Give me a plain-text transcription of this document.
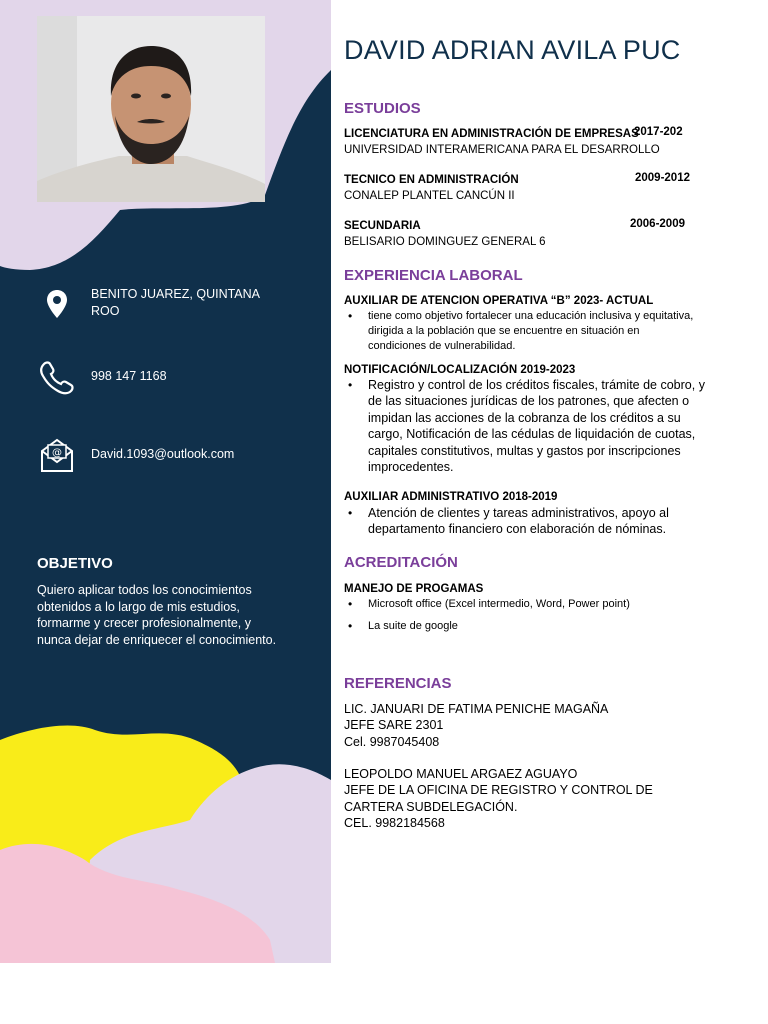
BENITO JUAREZ, QUINTANA ROO
998 147 1168
@ David.1093@outlook.com
OBJETIVO
Quiero aplicar todos los conocimientos obtenidos a lo largo de mis estudios, formarme y crecer profesionalmente, y nunca dejar de enriquecer el conocimiento.
DAVID ADRIAN AVILA PUC
ESTUDIOS
LICENCIATURA EN ADMINISTRACIÓN DE EMPRESAS
2017-202
UNIVERSIDAD INTERAMERICANA PARA EL DESARROLLO
TECNICO EN ADMINISTRACIÓN	2009-2012
CONALEP PLANTEL CANCÚN II
SECUNDARIA	2006-2009
BELISARIO DOMINGUEZ GENERAL 6
EXPERIENCIA LABORAL
AUXILIAR DE ATENCION OPERATIVA “B” 2023- ACTUAL
• tiene como objetivo fortalecer una educación inclusiva y equitativa, dirigida a la población que se encuentre en situación en condiciones de vulnerabilidad.
NOTIFICACIÓN/LOCALIZACIÓN 2019-2023
• Registro y control de los créditos fiscales, trámite de cobro, y de las situaciones jurídicas de los patrones, que afecten o impidan las acciones de la cobranza de los créditos a su cargo, Notificación de las cédulas de liquidación de cuotas, capitales constitutivos, multas y gastos por inscripciones improcedentes.
AUXILIAR ADMINISTRATIVO 2018-2019
• Atención de clientes y tareas administrativos, apoyo al departamento financiero con elaboración de nóminas.
ACREDITACIÓN
MANEJO DE PROGAMAS
• Microsoft office (Excel intermedio, Word, Power point)
• La suite de google
REFERENCIAS
LIC. JANUARI DE FATIMA PENICHE MAGAÑA
JEFE SARE 2301
Cel. 9987045408
LEOPOLDO MANUEL ARGAEZ AGUAYO
JEFE DE LA OFICINA DE REGISTRO Y CONTROL DE CARTERA SUBDELEGACIÓN.
CEL. 9982184568
